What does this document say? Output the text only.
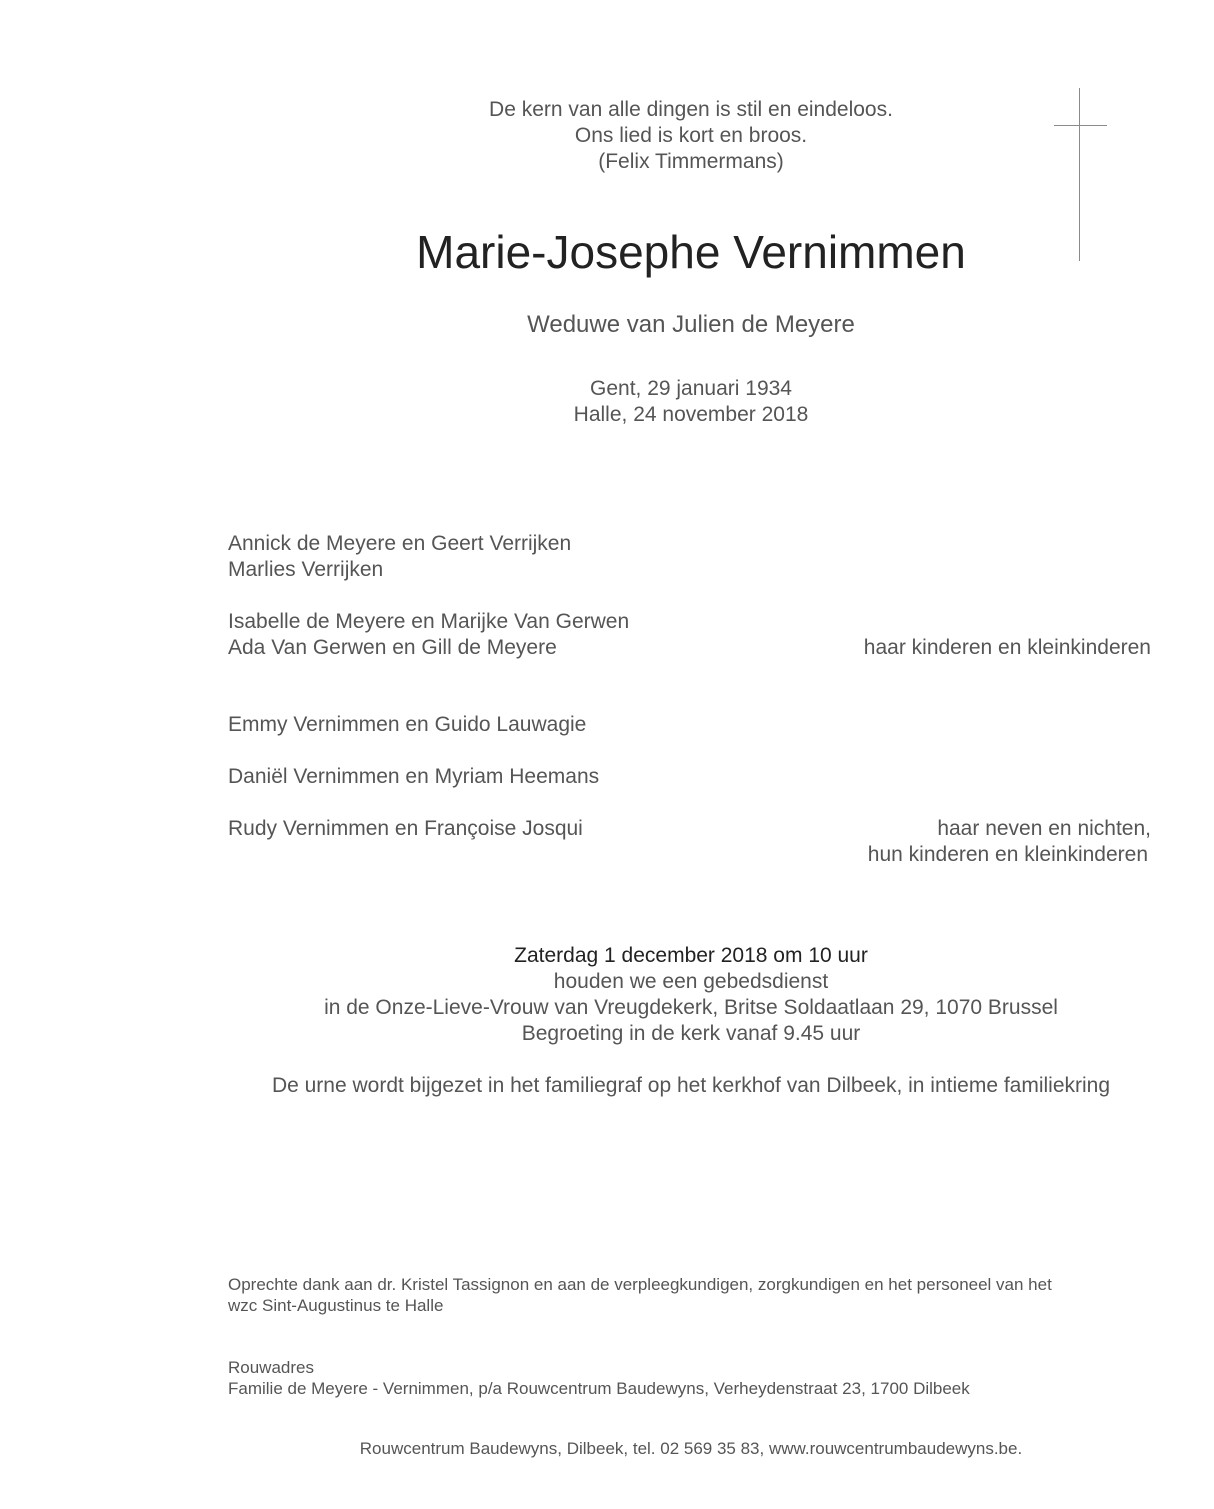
De kern van alle dingen is stil en eindeloos.
Ons lied is kort en broos.
(Felix Timmermans)
Marie-Josephe Vernimmen
Weduwe van Julien de Meyere
Gent, 29 januari 1934
Halle, 24 november 2018
Annick de Meyere en Geert Verrijken
Marlies Verrijken
Isabelle de Meyere en Marijke Van Gerwen
Ada Van Gerwen en Gill de Meyere	haar kinderen en kleinkinderen
Emmy Vernimmen en Guido Lauwagie
Daniël Vernimmen en Myriam Heemans
Rudy Vernimmen en Françoise Josqui	haar neven en nichten,
hun kinderen en kleinkinderen
Zaterdag 1 december 2018 om 10 uur
houden we een gebedsdienst
in de Onze-Lieve-Vrouw van Vreugdekerk, Britse Soldaatlaan 29, 1070 Brussel
Begroeting in de kerk vanaf 9.45 uur
De urne wordt bijgezet in het familiegraf op het kerkhof van Dilbeek, in intieme familiekring
Oprechte dank aan dr. Kristel Tassignon en aan de verpleegkundigen, zorgkundigen en het personeel van het
wzc Sint-Augustinus te Halle
Rouwadres
Familie de Meyere - Vernimmen, p/a Rouwcentrum Baudewyns, Verheydenstraat 23, 1700 Dilbeek
Rouwcentrum Baudewyns, Dilbeek, tel. 02 569 35 83, www.rouwcentrumbaudewyns.be.
